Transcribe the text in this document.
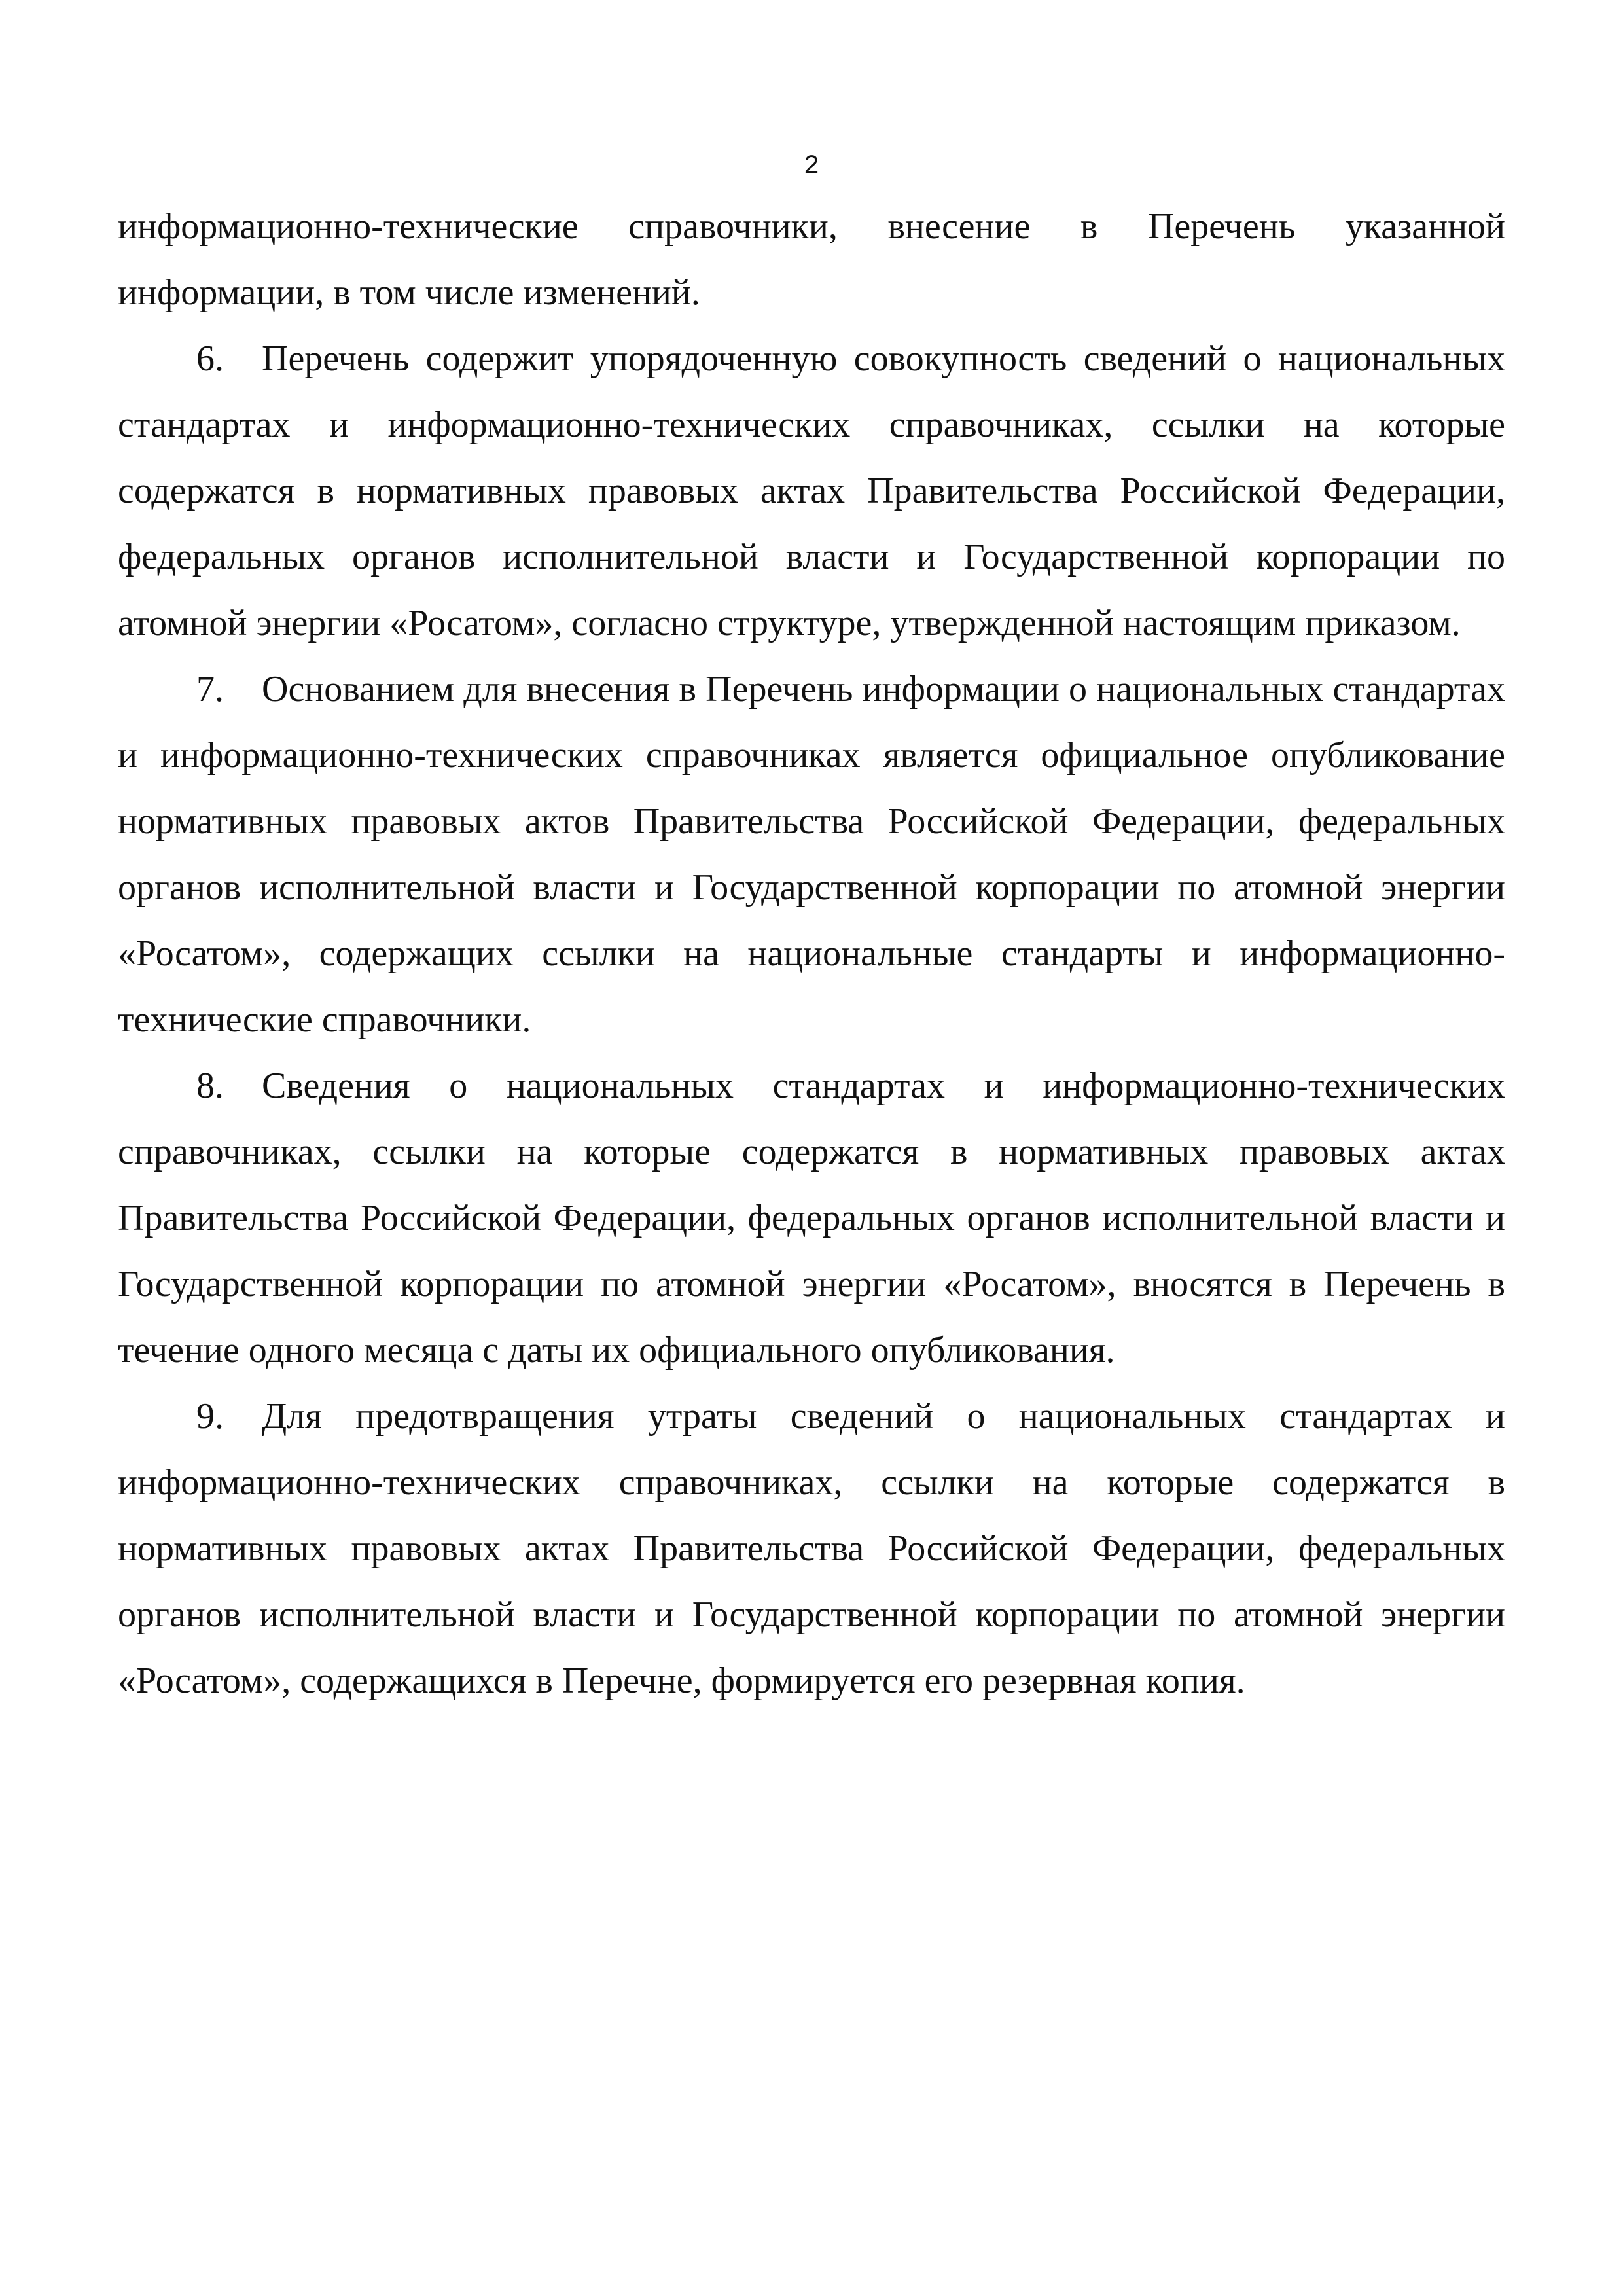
2

информационно-технические справочники, внесение в Перечень указанной информации, в том числе изменений.

6. Перечень содержит упорядоченную совокупность сведений о национальных стандартах и информационно-технических справочниках, ссылки на которые содержатся в нормативных правовых актах Правительства Российской Федерации, федеральных органов исполнительной власти и Государственной корпорации по атомной энергии «Росатом», согласно структуре, утвержденной настоящим приказом.

7. Основанием для внесения в Перечень информации о национальных стандартах и информационно-технических справочниках является официальное опубликование нормативных правовых актов Правительства Российской Федерации, федеральных органов исполнительной власти и Государственной корпорации по атомной энергии «Росатом», содержащих ссылки на национальные стандарты и информационно-технические справочники.

8. Сведения о национальных стандартах и информационно-технических справочниках, ссылки на которые содержатся в нормативных правовых актах Правительства Российской Федерации, федеральных органов исполнительной власти и Государственной корпорации по атомной энергии «Росатом», вносятся в Перечень в течение одного месяца с даты их официального опубликования.

9. Для предотвращения утраты сведений о национальных стандартах и информационно-технических справочниках, ссылки на которые содержатся в нормативных правовых актах Правительства Российской Федерации, федеральных органов исполнительной власти и Государственной корпорации по атомной энергии «Росатом», содержащихся в Перечне, формируется его резервная копия.
